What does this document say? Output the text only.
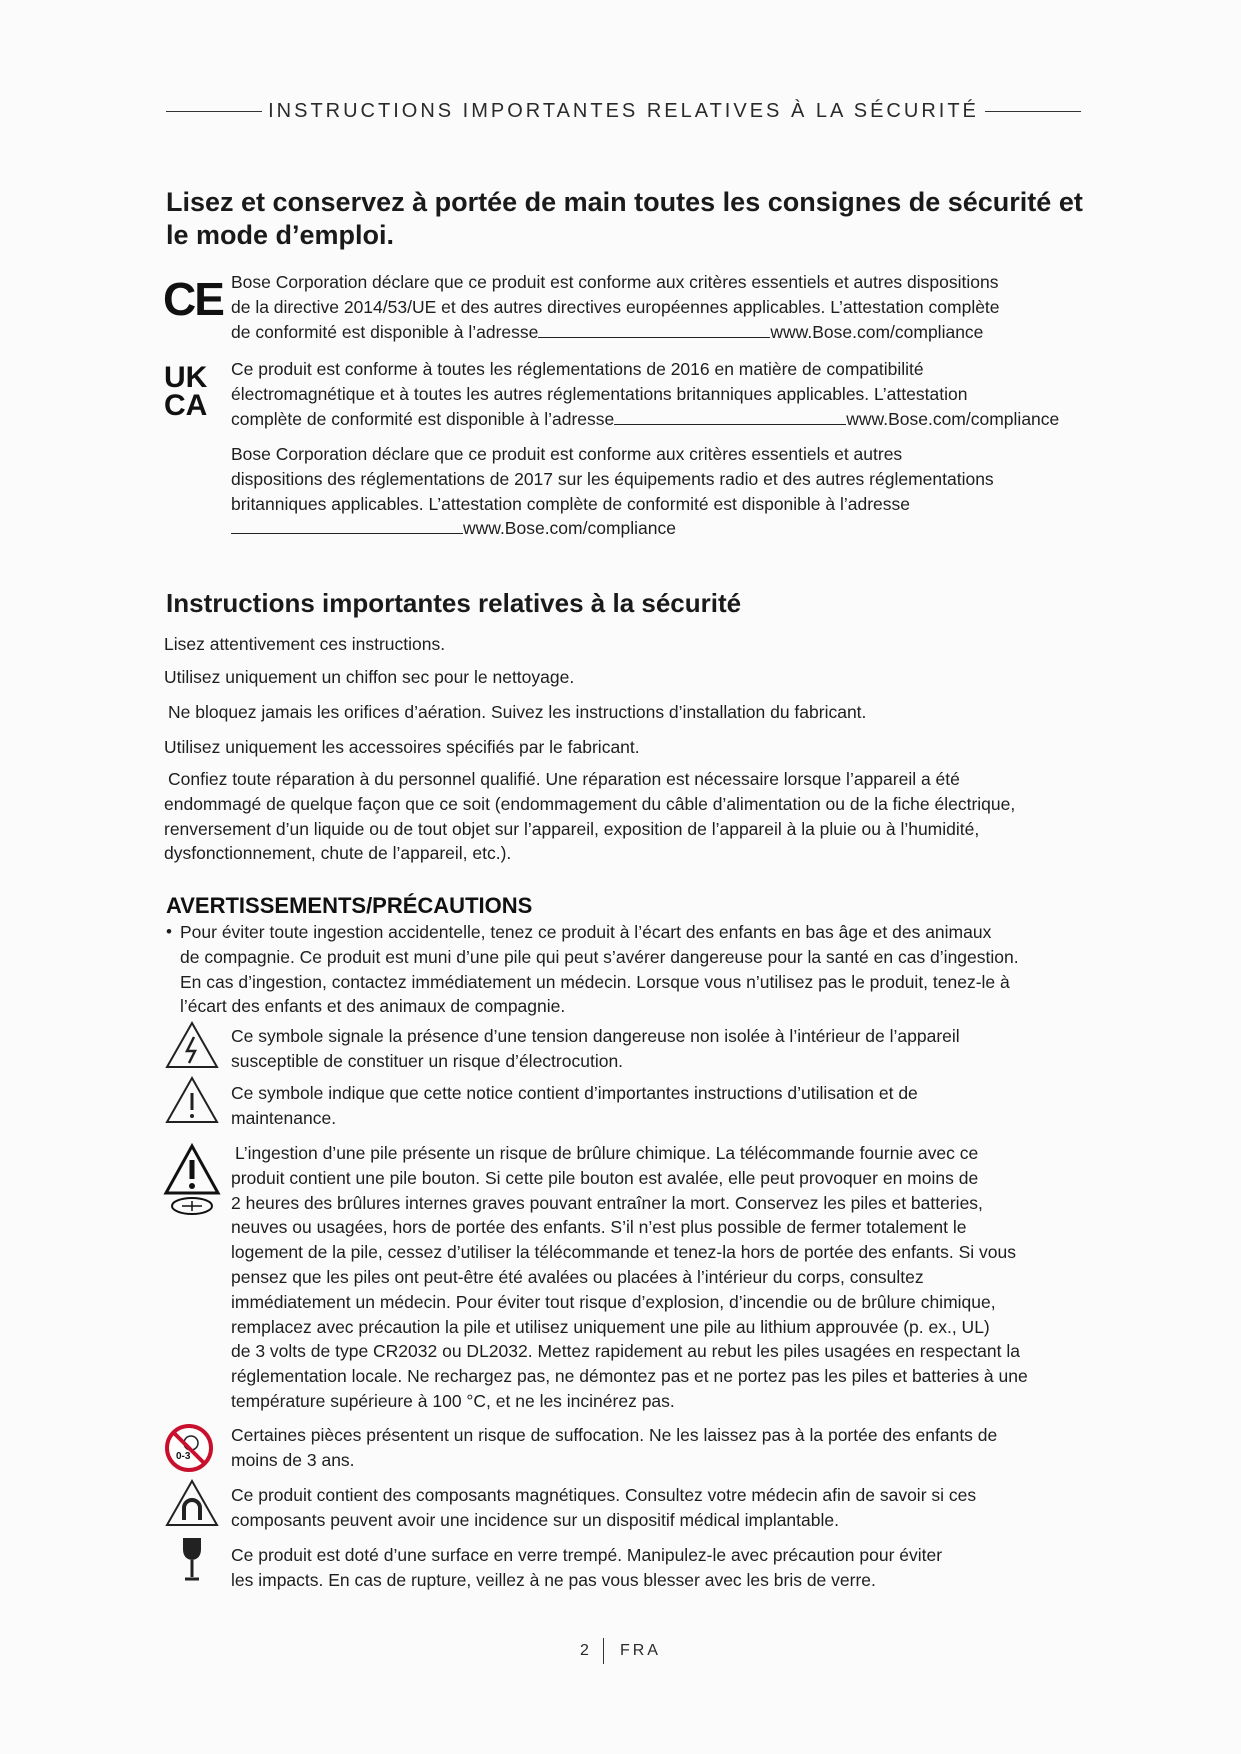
INSTRUCTIONS IMPORTANTES RELATIVES À LA SÉCURITÉ
Lisez et conservez à portée de main toutes les consignes de sécurité et le mode d’emploi.
CE Bose Corporation déclare que ce produit est conforme aux critères essentiels et autres dispositions
de la directive 2014/53/UE et des autres directives européennes applicables. L’attestation complète
de conformité est disponible à l’adresse	www.Bose.com/compliance
UK
CA
Ce produit est conforme à toutes les réglementations de 2016 en matière de compatibilité
électromagnétique et à toutes les autres réglementations britanniques applicables. L’attestation
complète de conformité est disponible à l’adresse	www.Bose.com/compliance
Bose Corporation déclare que ce produit est conforme aux critères essentiels et autres
dispositions des réglementations de 2017 sur les équipements radio et des autres réglementations
britanniques applicables. L’attestation complète de conformité est disponible à l’adresse
www.Bose.com/compliance
Instructions importantes relatives à la sécurité
Lisez attentivement ces instructions.
Utilisez uniquement un chiffon sec pour le nettoyage.
Ne bloquez jamais les orifices d’aération. Suivez les instructions d’installation du fabricant.
Utilisez uniquement les accessoires spécifiés par le fabricant.
Confiez toute réparation à du personnel qualifié. Une réparation est nécessaire lorsque l’appareil a été
endommagé de quelque façon que ce soit (endommagement du câble d’alimentation ou de la fiche électrique,
renversement d’un liquide ou de tout objet sur l’appareil, exposition de l’appareil à la pluie ou à l’humidité,
dysfonctionnement, chute de l’appareil, etc.).
AVERTISSEMENTS/PRÉCAUTIONS
• Pour éviter toute ingestion accidentelle, tenez ce produit à l’écart des enfants en bas âge et des animaux
de compagnie. Ce produit est muni d’une pile qui peut s’avérer dangereuse pour la santé en cas d’ingestion.
En cas d’ingestion, contactez immédiatement un médecin. Lorsque vous n’utilisez pas le produit, tenez-le à
l’écart des enfants et des animaux de compagnie.
Ce symbole signale la présence d’une tension dangereuse non isolée à l’intérieur de l’appareil
susceptible de constituer un risque d’électrocution.
Ce symbole indique que cette notice contient d’importantes instructions d’utilisation et de
maintenance.
L’ingestion d’une pile présente un risque de brûlure chimique. La télécommande fournie avec ce
produit contient une pile bouton. Si cette pile bouton est avalée, elle peut provoquer en moins de
2 heures des brûlures internes graves pouvant entraîner la mort. Conservez les piles et batteries,
neuves ou usagées, hors de portée des enfants. S’il n’est plus possible de fermer totalement le
logement de la pile, cessez d’utiliser la télécommande et tenez-la hors de portée des enfants. Si vous
pensez que les piles ont peut-être été avalées ou placées à l’intérieur du corps, consultez
immédiatement un médecin. Pour éviter tout risque d’explosion, d’incendie ou de brûlure chimique,
remplacez avec précaution la pile et utilisez uniquement une pile au lithium approuvée (p. ex., UL)
de 3 volts de type CR2032 ou DL2032. Mettez rapidement au rebut les piles usagées en respectant la
réglementation locale. Ne rechargez pas, ne démontez pas et ne portez pas les piles et batteries à une
température supérieure à 100 °C, et ne les incinérez pas.
0-3
Certaines pièces présentent un risque de suffocation. Ne les laissez pas à la portée des enfants de
moins de 3 ans.
Ce produit contient des composants magnétiques. Consultez votre médecin afin de savoir si ces
composants peuvent avoir une incidence sur un dispositif médical implantable.
Ce produit est doté d’une surface en verre trempé. Manipulez-le avec précaution pour éviter
les impacts. En cas de rupture, veillez à ne pas vous blesser avec les bris de verre.
2 FRA
